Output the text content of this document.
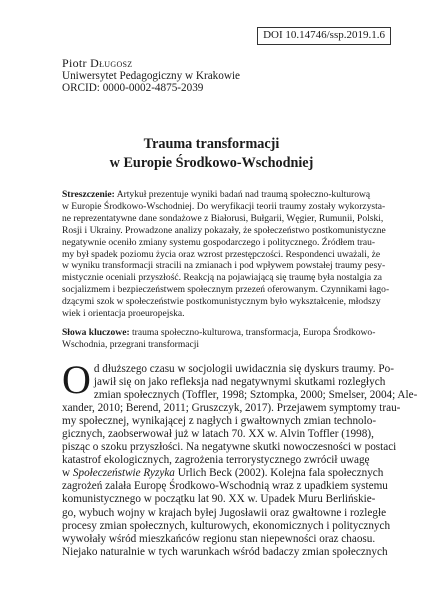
DOI 10.14746/ssp.2019.1.6
Piotr Długosz
Uniwersytet Pedagogiczny w Krakowie
ORCID: 0000-0002-4875-2039
Trauma transformacji
w Europie Środkowo-Wschodniej

Streszczenie: Artykuł prezentuje wyniki badań nad traumą społeczno-kulturową
w Europie Środkowo-Wschodniej. Do weryfikacji teorii traumy zostały wykorzysta-
ne reprezentatywne dane sondażowe z Białorusi, Bułgarii, Węgier, Rumunii, Polski,
Rosji i Ukrainy. Prowadzone analizy pokazały, że społeczeństwo postkomunistyczne
negatywnie oceniło zmiany systemu gospodarczego i politycznego. Źródłem trau-
my był spadek poziomu życia oraz wzrost przestępczości. Respondenci uważali, że
w wyniku transformacji stracili na zmianach i pod wpływem powstałej traumy pesy-
mistycznie oceniali przyszłość. Reakcją na pojawiającą się traumę była nostalgia za
socjalizmem i bezpieczeństwem społecznym przezeń oferowanym. Czynnikami łago-
dzącymi szok w społeczeństwie postkomunistycznym było wykształcenie, młodszy
wiek i orientacja proeuropejska.

Słowa kluczowe: trauma społeczno-kulturowa, transformacja, Europa Środkowo-
Wschodnia, przegrani transformacji

O d dłuższego czasu w socjologii uwidacznia się dyskurs traumy. Po-
jawił się on jako refleksja nad negatywnymi skutkami rozległych
zmian społecznych (Toffler, 1998; Sztompka, 2000; Smelser, 2004; Ale-
xander, 2010; Berend, 2011; Gruszczyk, 2017). Przejawem symptomy trau-
my społecznej, wynikającej z nagłych i gwałtownych zmian technolo-
gicznych, zaobserwował już w latach 70. XX w. Alvin Toffler (1998),
pisząc o szoku przyszłości. Na negatywne skutki nowoczesności w postaci
katastrof ekologicznych, zagrożenia terrorystycznego zwrócił uwagę
w Społeczeństwie Ryzyka Urlich Beck (2002). Kolejna fala społecznych
zagrożeń zalała Europę Środkowo-Wschodnią wraz z upadkiem systemu
komunistycznego w początku lat 90. XX w. Upadek Muru Berlińskie-
go, wybuch wojny w krajach byłej Jugosławii oraz gwałtowne i rozległe
procesy zmian społecznych, kulturowych, ekonomicznych i politycznych
wywołały wśród mieszkańców regionu stan niepewności oraz chaosu.
Niejako naturalnie w tych warunkach wśród badaczy zmian społecznych
